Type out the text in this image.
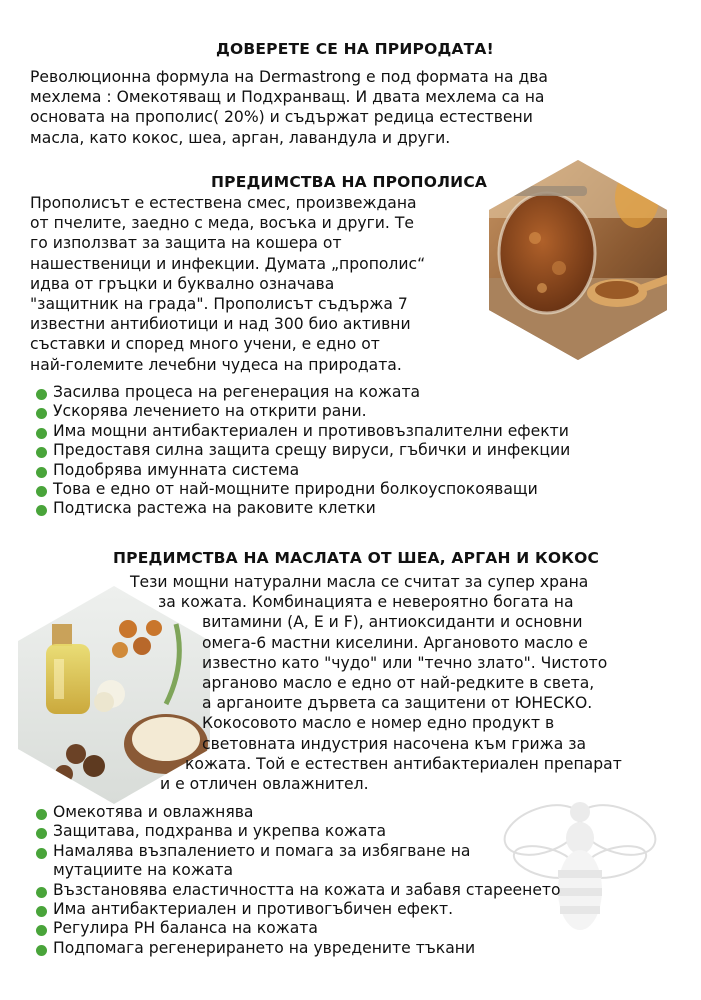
ДОВЕРЕТЕ СЕ НА ПРИРОДАТА!
Революционна формула на Dermastrong е под формата на два
мехлема : Омекотяващ и Подхранващ. И двата мехлема са на
основата на прополис( 20%) и съдържат редица естествени
масла, като кокос, шеа, арган, лавандула и други.
ПРЕДИМСТВА НА ПРОПОЛИСА
Прополисът е естествена смес, произвеждана
от пчелите, заедно с меда, восъка и други. Те
го използват за защита на кошера от
нашественици и инфекции. Думата „прополис“
идва от гръцки и буквално означава
"защитник на града". Прополисът съдържа 7
известни антибиотици и над 300 био активни
съставки и според много учени, е едно от
най-големите лечебни чудеса на природата.
Засилва процеса на регенерация на кожата
Ускорява лечението на открити рани.
Има мощни антибактериален и противовъзпалителни ефекти
Предоставя силна защита срещу вируси, гъбички и инфекции
Подобрява имунната система
Това е едно от най-мощните природни болкоуспокояващи
Подтиска растежа на раковите клетки
ПРЕДИМСТВА НА МАСЛАТА ОТ ШЕА, АРГАН И КОКОС
Тези мощни натурални масла се считат за супер храна
за кожата. Комбинацията е невероятно богата на
витамини (А, Е и F), антиоксиданти и основни
омега-6 мастни киселини. Аргановото масло е
известно като "чудо" или "течно злато". Чистото
арганово масло е едно от най-редките в света,
а арганоите дървета са защитени от ЮНЕСКО.
Кокосовото масло е номер едно продукт в
световната индустрия насочена към грижа за
кожата. Той е естествен антибактериален препарат
и е отличен овлажнител.
Омекотява и овлажнява
Защитава, подхранва и укрепва кожата
Намалява възпалението и помага за избягване на
мутациите на кожата
Възстановява еластичността на кожата и забавя стареенето
Има антибактериален и противогъбичен ефект.
Регулира PH баланса на кожата
Подпомага регенерирането на увредените тъкани
